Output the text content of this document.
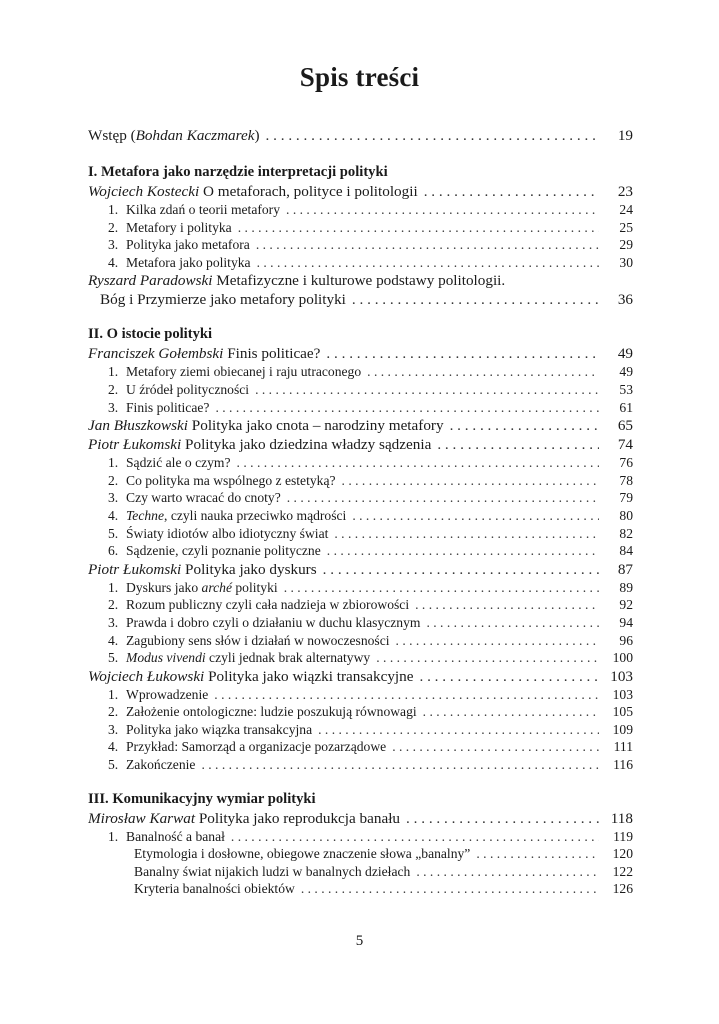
Spis treści
Wstęp (Bohdan Kaczmarek) . . .	19
I. Metafora jako narzędzie interpretacji polityki
Wojciech Kostecki O metaforach, polityce i politologii . . .	23
1. Kilka zdań o teorii metafory . . .	24
2. Metafory i polityka . . .	25
3. Polityka jako metafora . . .	29
4. Metafora jako polityka . . .	30
Ryszard Paradowski Metafizyczne i kulturowe podstawy politologii.
Bóg i Przymierze jako metafory polityki . . .	36
II. O istocie polityki
Franciszek Gołembski Finis politicae? . . .	49
1. Metafory ziemi obiecanej i raju utraconego . . .	49
2. U źródeł polityczności . . .	53
3. Finis politicae? . . .	61
Jan Błuszkowski Polityka jako cnota – narodziny metafory . . .	65
Piotr Łukomski Polityka jako dziedzina władzy sądzenia . . .	74
1. Sądzić ale o czym? . . .	76
2. Co polityka ma wspólnego z estetyką? . . .	78
3. Czy warto wracać do cnoty? . . .	79
4. Techne, czyli nauka przeciwko mądrości . . .	80
5. Światy idiotów albo idiotyczny świat . . .	82
6. Sądzenie, czyli poznanie polityczne . . .	84
Piotr Łukomski Polityka jako dyskurs . . .	87
1. Dyskurs jako arché polityki . . .	89
2. Rozum publiczny czyli cała nadzieja w zbiorowości . . .	92
3. Prawda i dobro czyli o działaniu w duchu klasycznym . . .	94
4. Zagubiony sens słów i działań w nowoczesności . . .	96
5. Modus vivendi czyli jednak brak alternatywy . . .	100
Wojciech Łukowski Polityka jako wiązki transakcyjne . . .	103
1. Wprowadzenie . . .	103
2. Założenie ontologiczne: ludzie poszukują równowagi . . .	105
3. Polityka jako wiązka transakcyjna . . .	109
4. Przykład: Samorząd a organizacje pozarządowe . . .	111
5. Zakończenie . . .	116
III. Komunikacyjny wymiar polityki
Mirosław Karwat Polityka jako reprodukcja banału . . .	118
1. Banalność a banał . . .	119
Etymologia i dosłowne, obiegowe znaczenie słowa „banalny” . . .	120
Banalny świat nijakich ludzi w banalnych dziełach . . .	122
Kryteria banalności obiektów . . .	126
5
